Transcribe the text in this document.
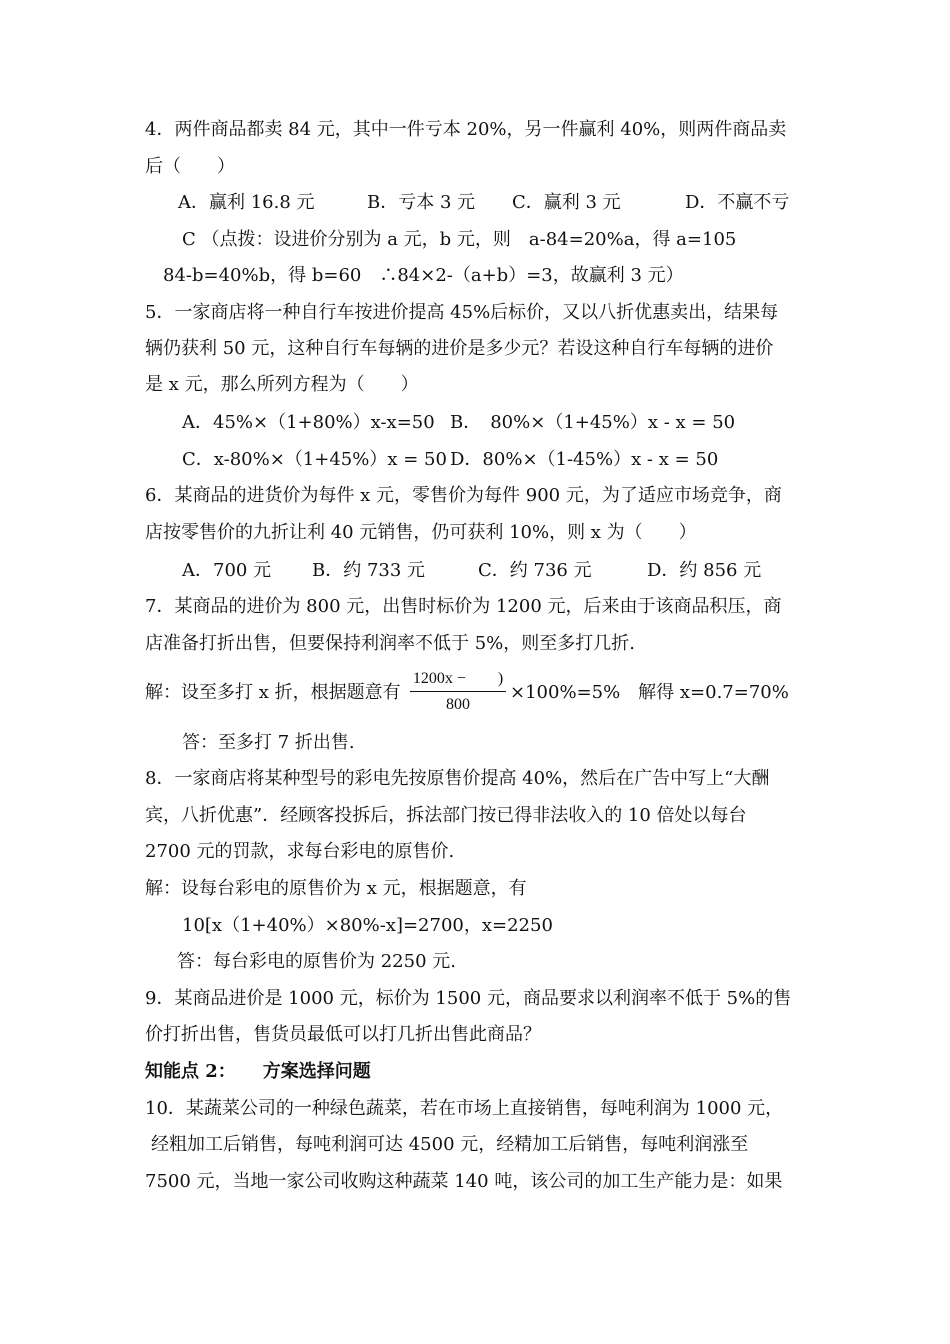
4．两件商品都卖 84 元，其中一件亏本 20%，另一件赢利 40%，则两件商品卖
后（　　）
A．赢利 16.8 元	B．亏本 3 元 C．赢利 3 元	D．不赢不亏
C （点拨：设进价分别为 a 元，b 元，则　a-84=20%a，得 a=105
84-b=40%b，得 b=60　∴84×2-（a+b）=3，故赢利 3 元）
5．一家商店将一种自行车按进价提高 45%后标价，又以八折优惠卖出，结果每
辆仍获利 50 元，这种自行车每辆的进价是多少元？若设这种自行车每辆的进价
是 x 元，那么所列方程为（　　）
A．45%×（1+80%）x-x=50 B．　80%×（1+45%）x - x = 50
C．x-80%×（1+45%）x = 50 D．80%×（1-45%）x - x = 50
6．某商品的进货价为每件 x 元，零售价为每件 900 元，为了适应市场竞争，商
店按零售价的九折让利 40 元销售，仍可获利 10%，则 x 为（　　）
A．700 元 B．约 733 元	C．约 736 元	D．约 856 元
7．某商品的进价为 800 元，出售时标价为 1200 元，后来由于该商品积压，商
店准备打折出售，但要保持利润率不低于 5%，则至多打几折.
解：设至多打 x 折，根据题意有
1200x −　　)
800
×100%=5%　解得 x=0.7=70%
答：至多打 7 折出售.
8．一家商店将某种型号的彩电先按原售价提高 40%，然后在广告中写上“大酬
宾，八折优惠”．经顾客投拆后，拆法部门按已得非法收入的 10 倍处以每台
2700 元的罚款，求每台彩电的原售价.
解：设每台彩电的原售价为 x 元，根据题意，有
10[x（1+40%）×80%-x]=2700，x=2250
答：每台彩电的原售价为 2250 元.
9．某商品进价是 1000 元，标价为 1500 元，商品要求以利润率不低于 5%的售
价打折出售，售货员最低可以打几折出售此商品？
知能点 2：　　方案选择问题
10．某蔬菜公司的一种绿色蔬菜，若在市场上直接销售，每吨利润为 1000 元，
经粗加工后销售，每吨利润可达 4500 元，经精加工后销售，每吨利润涨至
7500 元，当地一家公司收购这种蔬菜 140 吨，该公司的加工生产能力是：如果
